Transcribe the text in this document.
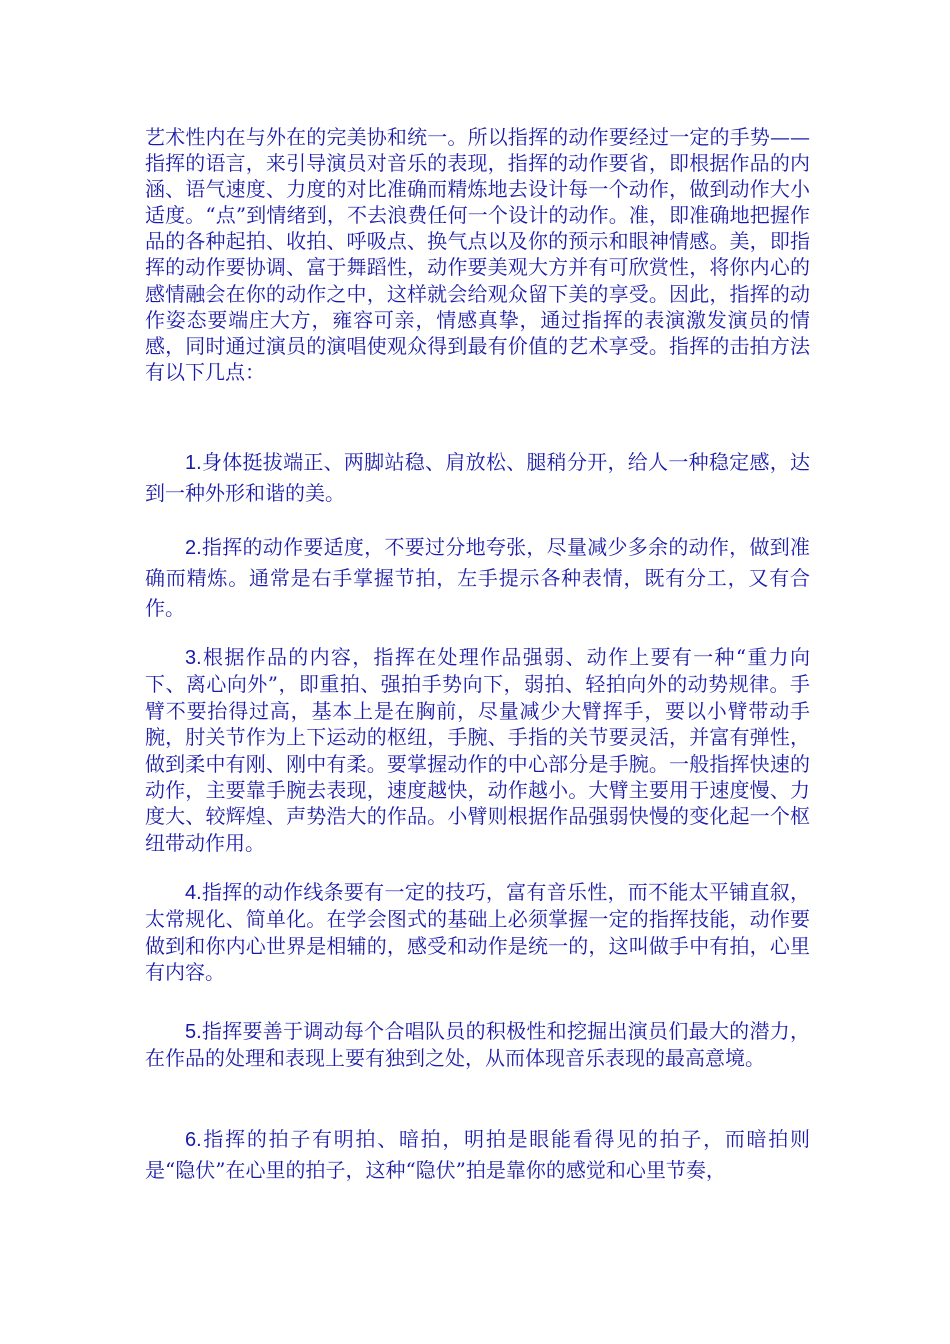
艺术性内在与外在的完美协和统一。所以指挥的动作要经过一定的手势——指挥的语言，来引导演员对音乐的表现，指挥的动作要省，即根据作品的内涵、语气速度、力度的对比准确而精炼地去设计每一个动作，做到动作大小适度。“点”到情绪到，不去浪费任何一个设计的动作。准，即准确地把握作品的各种起拍、收拍、呼吸点、换气点以及你的预示和眼神情感。美，即指挥的动作要协调、富于舞蹈性，动作要美观大方并有可欣赏性，将你内心的感情融会在你的动作之中，这样就会给观众留下美的享受。因此，指挥的动作姿态要端庄大方，雍容可亲，情感真挚，通过指挥的表演激发演员的情感，同时通过演员的演唱使观众得到最有价值的艺术享受。指挥的击拍方法有以下几点：

1.身体挺拔端正、两脚站稳、肩放松、腿稍分开，给人一种稳定感，达到一种外形和谐的美。

2.指挥的动作要适度，不要过分地夸张，尽量减少多余的动作，做到准确而精炼。通常是右手掌握节拍，左手提示各种表情，既有分工，又有合作。

3.根据作品的内容，指挥在处理作品强弱、动作上要有一种“重力向下、离心向外”，即重拍、强拍手势向下，弱拍、轻拍向外的动势规律。手臂不要抬得过高，基本上是在胸前，尽量减少大臂挥手，要以小臂带动手腕，肘关节作为上下运动的枢纽，手腕、手指的关节要灵活，并富有弹性，做到柔中有刚、刚中有柔。要掌握动作的中心部分是手腕。一般指挥快速的动作，主要靠手腕去表现，速度越快，动作越小。大臂主要用于速度慢、力度大、较辉煌、声势浩大的作品。小臂则根据作品强弱快慢的变化起一个枢纽带动作用。

4.指挥的动作线条要有一定的技巧，富有音乐性，而不能太平铺直叙，太常规化、简单化。在学会图式的基础上必须掌握一定的指挥技能，动作要做到和你内心世界是相辅的，感受和动作是统一的，这叫做手中有拍，心里有内容。

5.指挥要善于调动每个合唱队员的积极性和挖掘出演员们最大的潜力，在作品的处理和表现上要有独到之处，从而体现音乐表现的最高意境。

6.指挥的拍子有明拍、暗拍，明拍是眼能看得见的拍子，而暗拍则是“隐伏”在心里的拍子，这种“隐伏”拍是靠你的感觉和心里节奏，
